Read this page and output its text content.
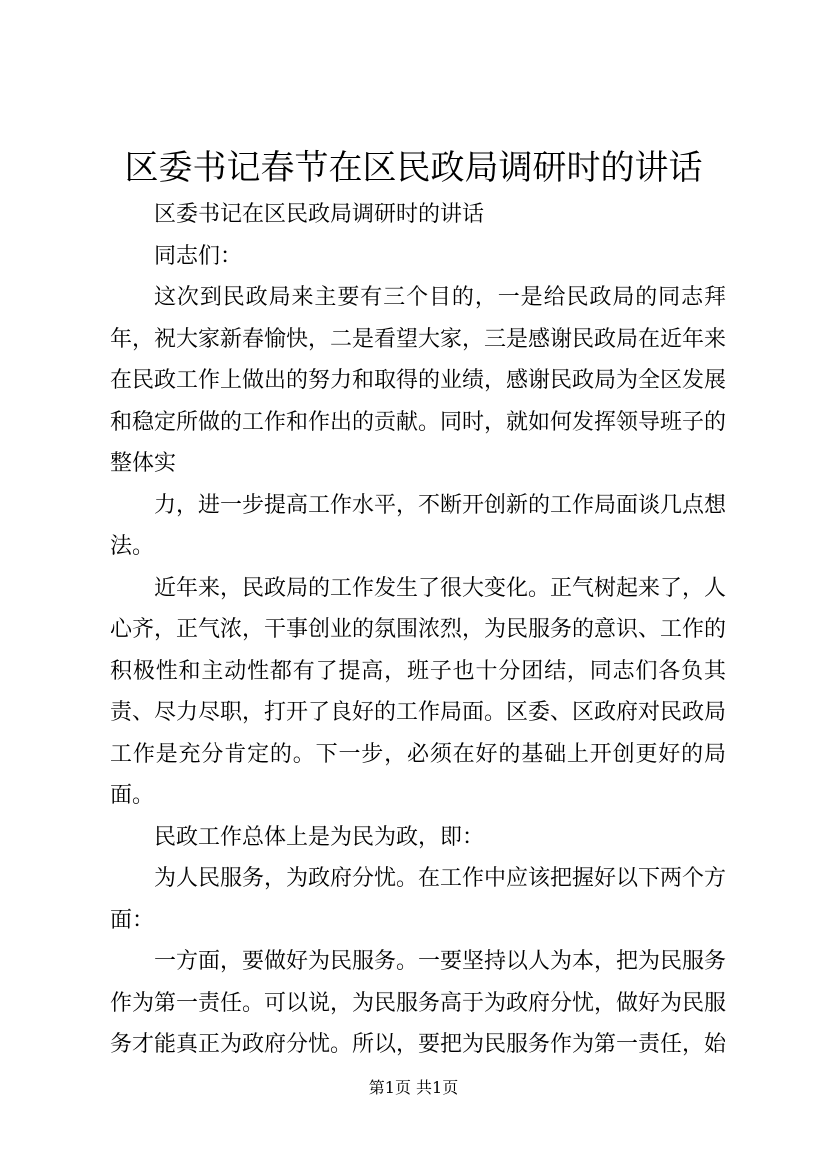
区委书记春节在区民政局调研时的讲话

区委书记在区民政局调研时的讲话

同志们：

这次到民政局来主要有三个目的，一是给民政局的同志拜年，祝大家新春愉快，二是看望大家，三是感谢民政局在近年来在民政工作上做出的努力和取得的业绩，感谢民政局为全区发展和稳定所做的工作和作出的贡献。同时，就如何发挥领导班子的整体实

力，进一步提高工作水平，不断开创新的工作局面谈几点想法。

近年来，民政局的工作发生了很大变化。正气树起来了，人心齐，正气浓，干事创业的氛围浓烈，为民服务的意识、工作的积极性和主动性都有了提高，班子也十分团结，同志们各负其责、尽力尽职，打开了良好的工作局面。区委、区政府对民政局工作是充分肯定的。下一步，必须在好的基础上开创更好的局面。

民政工作总体上是为民为政，即：

为人民服务，为政府分忧。在工作中应该把握好以下两个方面：

一方面，要做好为民服务。一要坚持以人为本，把为民服务作为第一责任。可以说，为民服务高于为政府分忧，做好为民服务才能真正为政府分忧。所以，要把为民服务作为第一责任，始

第1页 共1页
